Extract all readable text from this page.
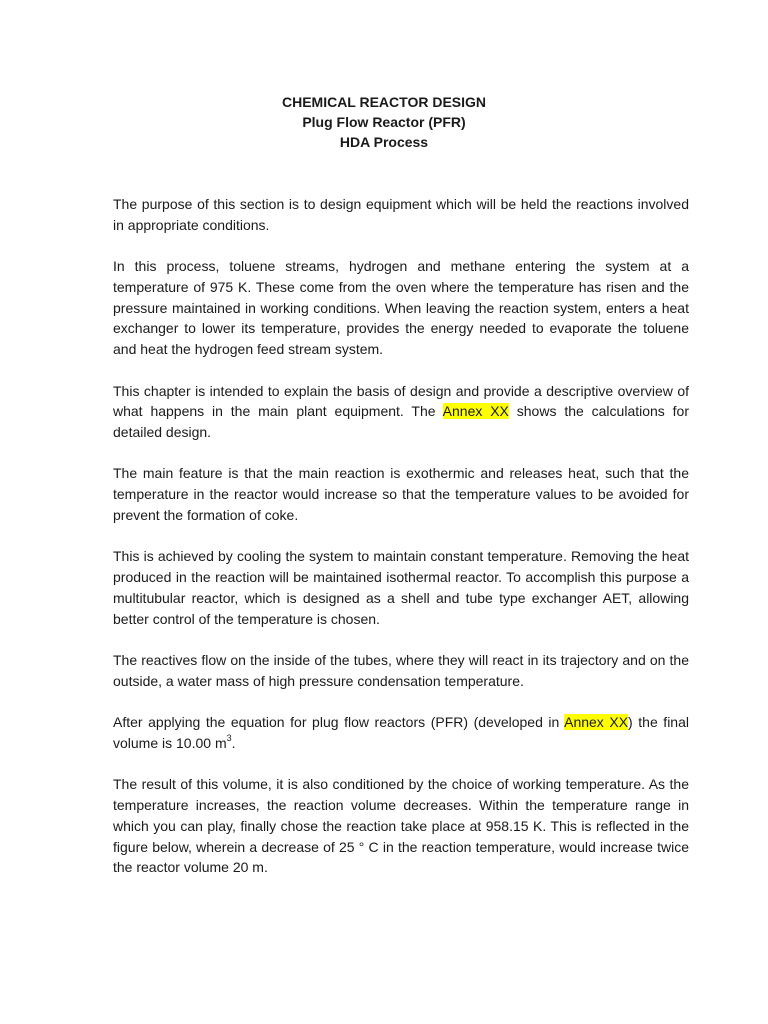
CHEMICAL REACTOR DESIGN
Plug Flow Reactor (PFR)
HDA Process

The purpose of this section is to design equipment which will be held the reactions involved in appropriate conditions.

In this process, toluene streams, hydrogen and methane entering the system at a temperature of 975 K. These come from the oven where the temperature has risen and the pressure maintained in working conditions. When leaving the reaction system, enters a heat exchanger to lower its temperature, provides the energy needed to evaporate the toluene and heat the hydrogen feed stream system.

This chapter is intended to explain the basis of design and provide a descriptive overview of what happens in the main plant equipment. The Annex XX shows the calculations for detailed design.

The main feature is that the main reaction is exothermic and releases heat, such that the temperature in the reactor would increase so that the temperature values to be avoided for prevent the formation of coke.

This is achieved by cooling the system to maintain constant temperature. Removing the heat produced in the reaction will be maintained isothermal reactor. To accomplish this purpose a multitubular reactor, which is designed as a shell and tube type exchanger AET, allowing better control of the temperature is chosen.

The reactives flow on the inside of the tubes, where they will react in its trajectory and on the outside, a water mass of high pressure condensation temperature.

After applying the equation for plug flow reactors (PFR) (developed in Annex XX) the final volume is 10.00 $m^3$.

The result of this volume, it is also conditioned by the choice of working temperature. As the temperature increases, the reaction volume decreases. Within the temperature range in which you can play, finally chose the reaction take place at 958.15 K. This is reflected in the figure below, wherein a decrease of 25 ° C in the reaction temperature, would increase twice the reactor volume 20 m.
